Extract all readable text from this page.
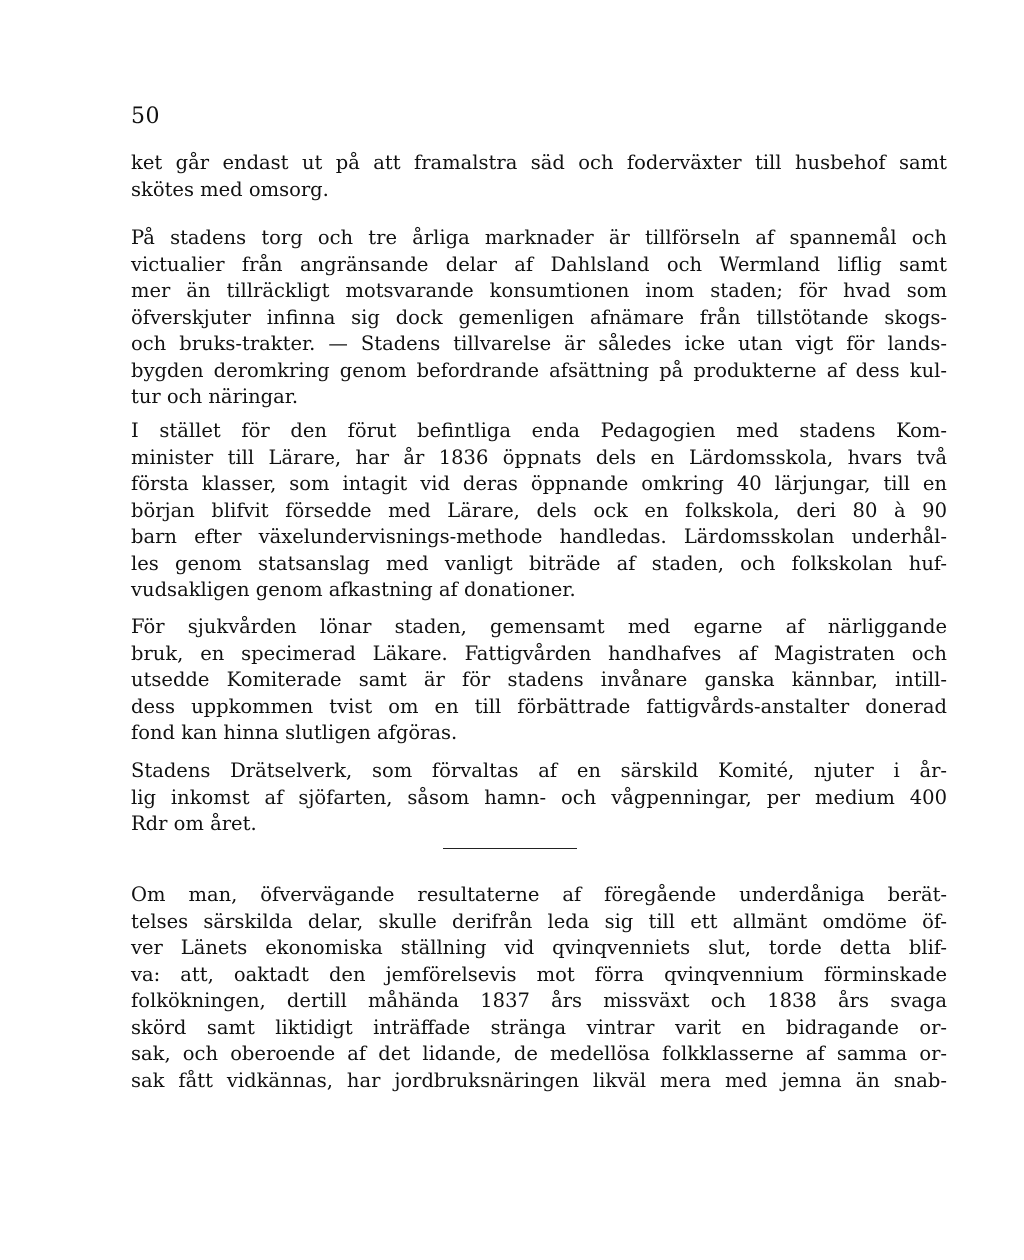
50
ket går endast ut på att framalstra säd och foderväxter till husbehof samt
skötes med omsorg.
På stadens torg och tre årliga marknader är tillförseln af spannemål och
victualier från angränsande delar af Dahlsland och Wermland liflig samt
mer än tillräckligt motsvarande konsumtionen inom staden; för hvad som
öfverskjuter infinna sig dock gemenligen afnämare från tillstötande skogs-
och bruks-trakter. — Stadens tillvarelse är således icke utan vigt för lands-
bygden deromkring genom befordrande afsättning på produkterne af dess kul-
tur och näringar.
I stället för den förut befintliga enda Pedagogien med stadens Kom-
minister till Lärare, har år 1836 öppnats dels en Lärdomsskola, hvars två
första klasser, som intagit vid deras öppnande omkring 40 lärjungar, till en
början blifvit försedde med Lärare, dels ock en folkskola, deri 80 à 90
barn efter växelundervisnings-methode handledas. Lärdomsskolan underhål-
les genom statsanslag med vanligt biträde af staden, och folkskolan huf-
vudsakligen genom afkastning af donationer.
För sjukvården lönar staden, gemensamt med egarne af närliggande
bruk, en specimerad Läkare. Fattigvården handhafves af Magistraten och
utsedde Komiterade samt är för stadens invånare ganska kännbar, intill-
dess uppkommen tvist om en till förbättrade fattigvårds-anstalter donerad
fond kan hinna slutligen afgöras.
Stadens Drätselverk, som förvaltas af en särskild Komité, njuter i år-
lig inkomst af sjöfarten, såsom hamn- och vågpenningar, per medium 400
Rdr om året.
Om man, öfvervägande resultaterne af föregående underdåniga berät-
telses särskilda delar, skulle derifrån leda sig till ett allmänt omdöme öf-
ver Länets ekonomiska ställning vid qvinqvenniets slut, torde detta blif-
va: att, oaktadt den jemförelsevis mot förra qvinqvennium förminskade
folkökningen, dertill måhända 1837 års missväxt och 1838 års svaga
skörd samt liktidigt inträffade stränga vintrar varit en bidragande or-
sak, och oberoende af det lidande, de medellösa folkklasserne af samma or-
sak fått vidkännas, har jordbruksnäringen likväl mera med jemna än snab-
